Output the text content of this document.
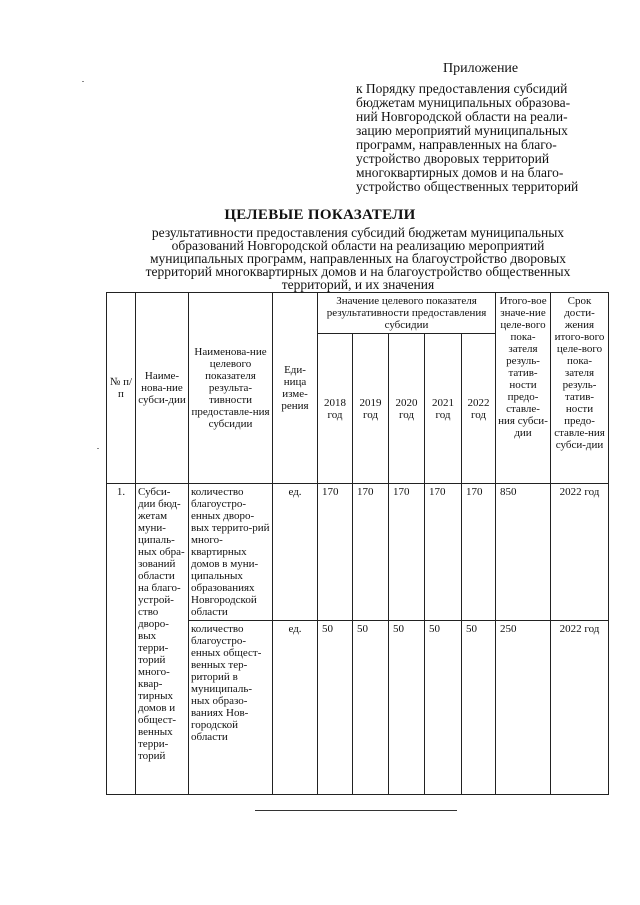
Приложение

к Порядку предоставления субсидий
бюджетам муниципальных образова-
ний Новгородской области на реали-
зацию мероприятий муниципальных
программ, направленных на благо-
устройство дворовых территорий
многоквартирных домов и на благо-
устройство общественных территорий
ЦЕЛЕВЫЕ ПОКАЗАТЕЛИ
результативности предоставления субсидий бюджетам муниципальных
образований Новгородской области на реализацию мероприятий
муниципальных программ, направленных на благоустройство дворовых
территорий многоквартирных домов и на благоустройство общественных
территорий, и их значения
№ п/п	Наиме-нова-ние субси-дии	Наименова-ние целевого показателя результа-тивности предоставле-ния субсидии	Еди-ница изме-рения	Значение целевого показателя результативности предоставления субсидии					Итого-вое значе-ние целе-вого пока-зателя резуль-татив-ности предо-ставле-ния субси-дии	Срок дости-жения итого-вого целе-вого пока-зателя резуль-татив-ности предо-ставле-ния субси-дии
				2018 год	2019 год	2020 год	2021 год	2022 год		
1.	Субси-дии бюд-жетам муни-ципаль-ных обра-зований области на благо-устрой-ство дворо-вых терри-торий много-квар-тирных домов и общест-венных терри-торий	количество благоустро-енных дворо-вых террито-рий много-квартирных домов в муни-ципальных образованиях Новгородской области	ед.	170	170	170	170	170	850	2022 год
		количество благоустро-енных общест-венных тер-риторий в муниципаль-ных образо-ваниях Нов-городской области	ед.	50	50	50	50	50	250	2022 год
